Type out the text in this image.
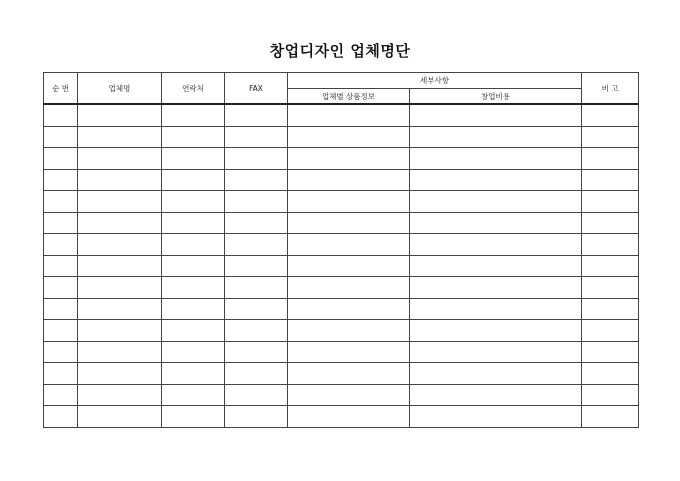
창업디자인 업체명단
순 번	업체명	연락처	FAX	세부사항		비 고
				업체별 상품정보	창업비용	
